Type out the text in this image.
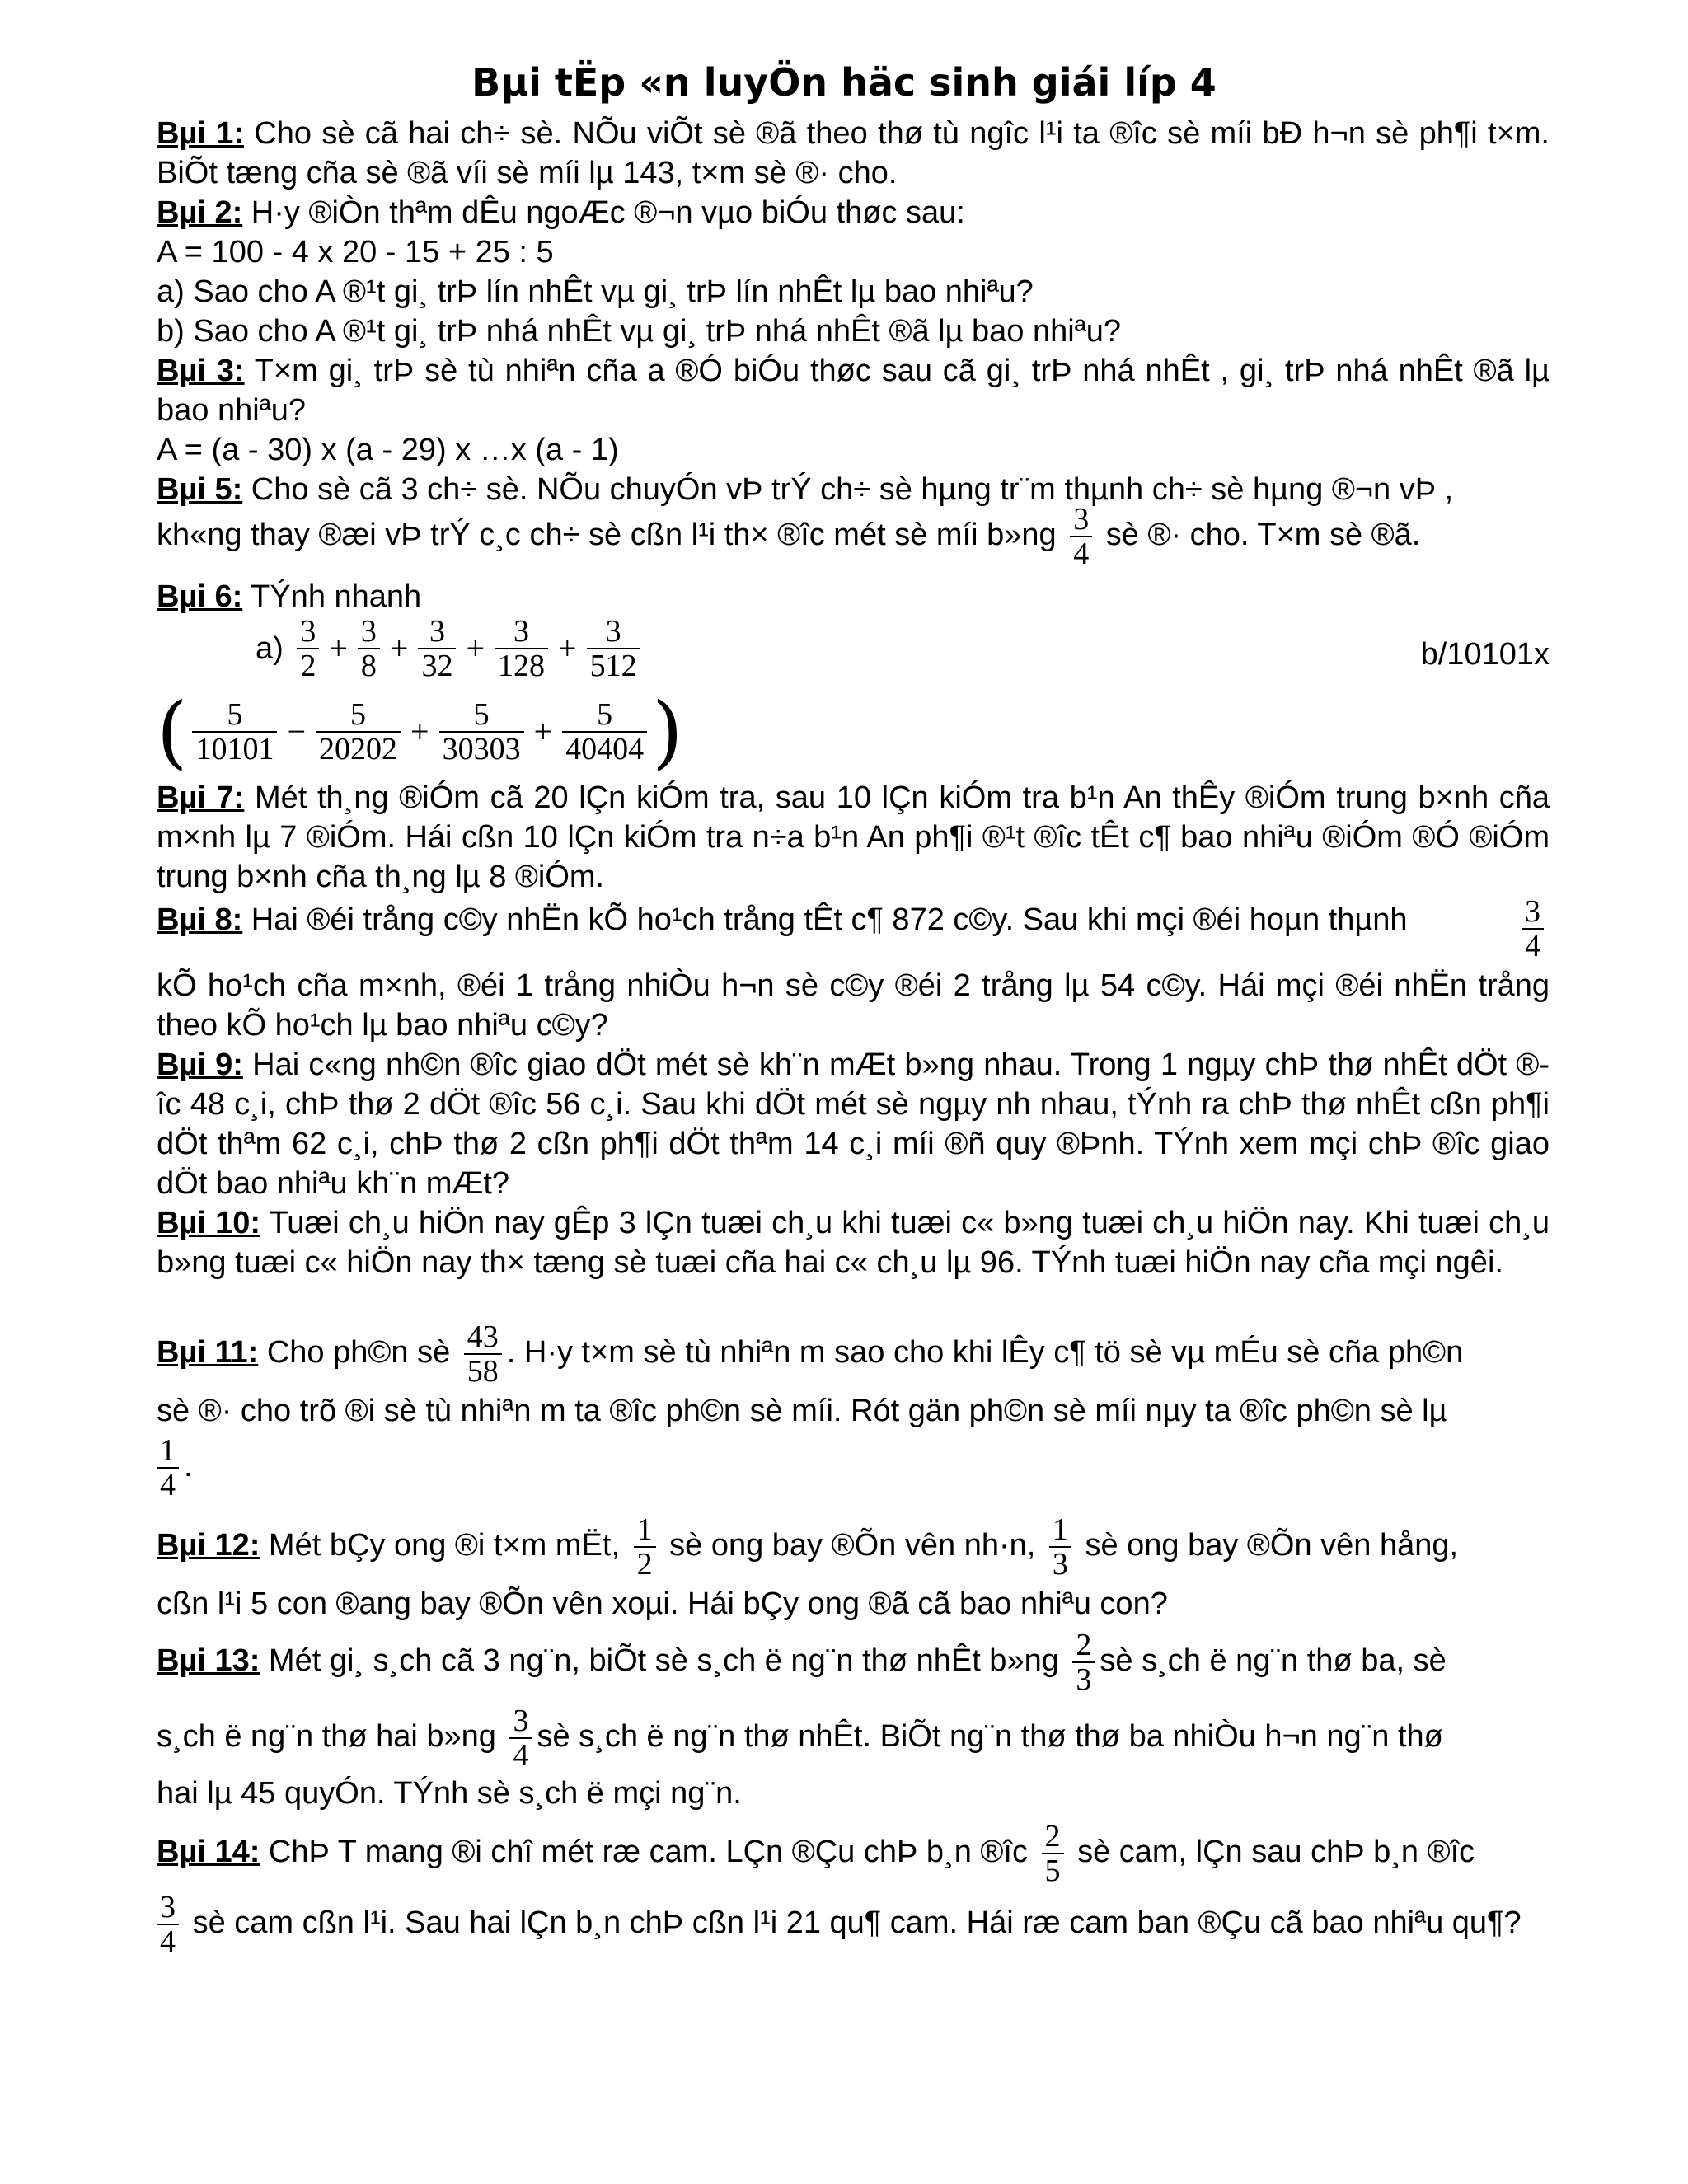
Bµi tËp «n luyÖn häc sinh giái líp 4
Bµi 1: Cho sè cã hai ch÷ sè. NÕu viÕt sè ®ã theo thø tù ngîc l¹i ta ®îc sè míi bÐ h¬n sè ph¶i t×m. BiÕt tæng cña sè ®ã víi sè míi lµ 143, t×m sè ®· cho.
Bµi 2: H·y ®iÒn thªm dÊu ngoÆc ®¬n vµo biÓu thøc sau:
A = 100 - 4 x 20 - 15 + 25 : 5
a) Sao cho A ®¹t gi¸ trÞ lín nhÊt vµ gi¸ trÞ lín nhÊt lµ bao nhiªu?
b) Sao cho A ®¹t gi¸ trÞ nhá nhÊt vµ gi¸ trÞ nhá nhÊt ®ã lµ bao nhiªu?
Bµi 3: T×m gi¸ trÞ sè tù nhiªn cña a ®Ó biÓu thøc sau cã gi¸ trÞ nhá nhÊt , gi¸ trÞ nhá nhÊt ®ã lµ bao nhiªu?
A = (a - 30) x (a - 29) x …x (a - 1)
Bµi 5: Cho sè cã 3 ch÷ sè. NÕu chuyÓn vÞ trÝ ch÷ sè hµng tr¨m thµnh ch÷ sè hµng ®¬n vÞ ,
kh«ng thay ®æi vÞ trÝ c¸c ch÷ sè cßn l¹i th× ®îc mét sè míi b»ng $\frac{3}{4}$ sè ®· cho. T×m sè ®ã.
Bµi 6: TÝnh nhanh
$a) \frac{3}{2} + \frac{3}{8} + \frac{3}{32} + \frac{3}{128} + \frac{3}{512}$	b/10101x
( $\frac{5}{10101} - \frac{5}{20202} + \frac{5}{30303} + \frac{5}{40404}$ )
Bµi 7: Mét th¸ng ®iÓm cã 20 lÇn kiÓm tra, sau 10 lÇn kiÓm tra b¹n An thÊy ®iÓm trung b×nh cña m×nh lµ 7 ®iÓm. Hái cßn 10 lÇn kiÓm tra n÷a b¹n An ph¶i ®¹t ®îc tÊt c¶ bao nhiªu ®iÓm ®Ó ®iÓm trung b×nh cña th¸ng lµ 8 ®iÓm.
Bµi 8: Hai ®éi trång c©y nhËn kÕ ho¹ch trång tÊt c¶ 872 c©y. Sau khi mçi ®éi hoµn thµnh	$\frac{3}{4}$
kÕ ho¹ch cña m×nh, ®éi 1 trång nhiÒu h¬n sè c©y ®éi 2 trång lµ 54 c©y. Hái mçi ®éi nhËn trång theo kÕ ho¹ch lµ bao nhiªu c©y?
Bµi 9: Hai c«ng nh©n ®îc giao dÖt mét sè kh¨n mÆt b»ng nhau. Trong 1 ngµy chÞ thø nhÊt dÖt ®îc 48 c¸i, chÞ thø 2 dÖt ®îc 56 c¸i. Sau khi dÖt mét sè ngµy nh nhau, tÝnh ra chÞ thø nhÊt cßn ph¶i dÖt thªm 62 c¸i, chÞ thø 2 cßn ph¶i dÖt thªm 14 c¸i míi ®ñ quy ®Þnh. TÝnh xem mçi chÞ ®îc giao dÖt bao nhiªu kh¨n mÆt?
Bµi 10: Tuæi ch¸u hiÖn nay gÊp 3 lÇn tuæi ch¸u khi tuæi c« b»ng tuæi ch¸u hiÖn nay. Khi tuæi ch¸u b»ng tuæi c« hiÖn nay th× tæng sè tuæi cña hai c« ch¸u lµ 96. TÝnh tuæi hiÖn nay cña mçi ngêi.
Bµi 11: Cho ph©n sè $\frac{43}{58}$ . H·y t×m sè tù nhiªn m sao cho khi lÊy c¶ tö sè vµ mÉu sè cña ph©n
sè ®· cho trõ ®i sè tù nhiªn m ta ®îc ph©n sè míi. Rót gän ph©n sè míi nµy ta ®îc ph©n sè lµ
$\frac{1}{4}$ .
Bµi 12: Mét bÇy ong ®i t×m mËt, $\frac{1}{2}$ sè ong bay ®Õn vên nh·n, $\frac{1}{3}$ sè ong bay ®Õn vên hång,
cßn l¹i 5 con ®ang bay ®Õn vên xoµi. Hái bÇy ong ®ã cã bao nhiªu con?
Bµi 13: Mét gi¸ s¸ch cã 3 ng¨n, biÕt sè s¸ch ë ng¨n thø nhÊt b»ng $\frac{2}{3}$ sè s¸ch ë ng¨n thø ba, sè
s¸ch ë ng¨n thø hai b»ng $\frac{3}{4}$ sè s¸ch ë ng¨n thø nhÊt. BiÕt ng¨n thø thø ba nhiÒu h¬n ng¨n thø
hai lµ 45 quyÓn. TÝnh sè s¸ch ë mçi ng¨n.
Bµi 14: ChÞ T mang ®i chî mét ræ cam. LÇn ®Çu chÞ b¸n ®îc $\frac{2}{5}$ sè cam, lÇn sau chÞ b¸n ®îc
$\frac{3}{4}$ sè cam cßn l¹i. Sau hai lÇn b¸n chÞ cßn l¹i 21 qu¶ cam. Hái ræ cam ban ®Çu cã bao nhiªu qu¶?
